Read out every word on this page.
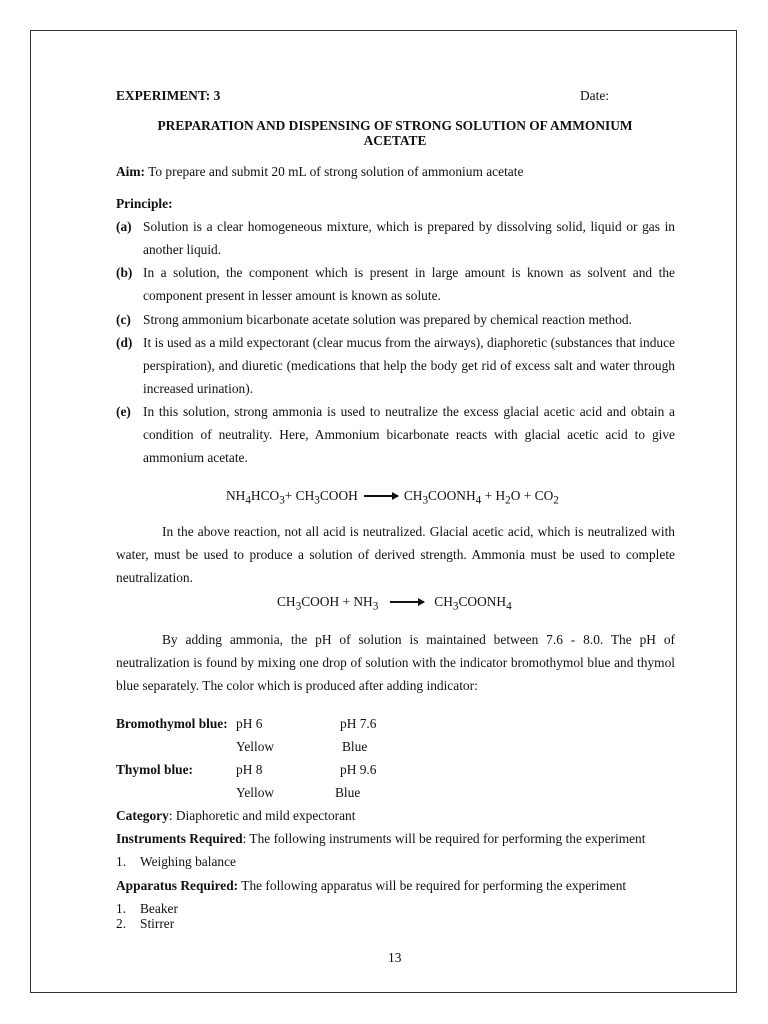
EXPERIMENT: 3	Date:
PREPARATION AND DISPENSING OF STRONG SOLUTION OF AMMONIUM
ACETATE
Aim: To prepare and submit 20 mL of strong solution of ammonium acetate
Principle:
(a) Solution is a clear homogeneous mixture, which is prepared by dissolving solid, liquid or gas in another liquid.
(b) In a solution, the component which is present in large amount is known as solvent and the component present in lesser amount is known as solute.
(c) Strong ammonium bicarbonate acetate solution was prepared by chemical reaction method.
(d) It is used as a mild expectorant (clear mucus from the airways), diaphoretic (substances that induce perspiration), and diuretic (medications that help the body get rid of excess salt and water through increased urination).
(e) In this solution, strong ammonia is used to neutralize the excess glacial acetic acid and obtain a condition of neutrality. Here, Ammonium bicarbonate reacts with glacial acetic acid to give ammonium acetate.
$NH_4HCO_3+$ $CH_3COOH$ → $CH_3COONH_4 + H_2O + CO_2$
In the above reaction, not all acid is neutralized. Glacial acetic acid, which is neutralized with water, must be used to produce a solution of derived strength. Ammonia must be used to complete neutralization.
$CH_3COOH + NH_3$ → $CH_3COONH_4$
By adding ammonia, the pH of solution is maintained between 7.6 - 8.0. The pH of neutralization is found by mixing one drop of solution with the indicator bromothymol blue and thymol blue separately. The color which is produced after adding indicator:
Bromothymol blue: pH 6	pH 7.6
Yellow	Blue
Thymol blue:	pH 8	pH 9.6
Yellow	Blue
Category: Diaphoretic and mild expectorant
Instruments Required: The following instruments will be required for performing the experiment
1. Weighing balance
Apparatus Required: The following apparatus will be required for performing the experiment
1. Beaker
2. Stirrer
13
